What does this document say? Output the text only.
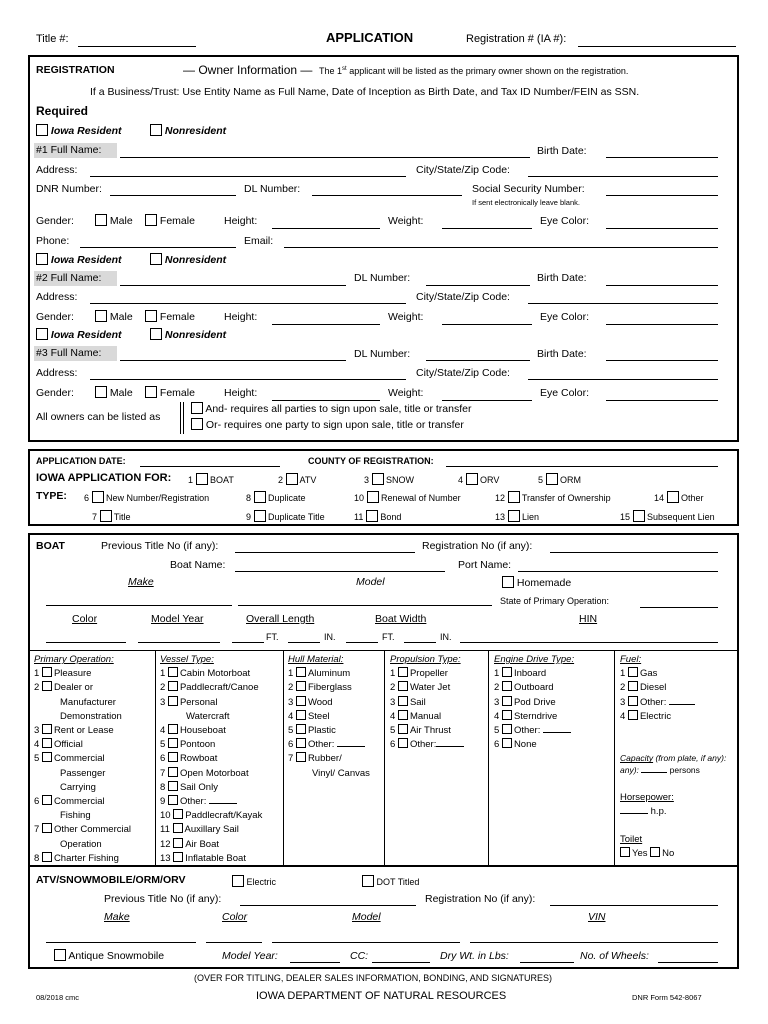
Title #:	APPLICATION	Registration # (IA #):
REGISTRATION	— Owner Information — The 1st applicant will be listed as the primary owner shown on the registration.
If a Business/Trust: Use Entity Name as Full Name, Date of Inception as Birth Date, and Tax ID Number/FEIN as SSN.
Required
Iowa Resident	Nonresident
#1 Full Name:	Birth Date:
Address:	City/State/Zip Code:
DNR Number:	DL Number:	Social Security Number:
If sent electronically leave blank.
Gender:	Male	Female	Height:	Weight:	Eye Color:
Phone:	Email:
Iowa Resident	Nonresident
#2 Full Name:	DL Number:	Birth Date:
Address:	City/State/Zip Code:
Gender:	Male	Female	Height:	Weight:	Eye Color:
Iowa Resident	Nonresident
#3 Full Name:	DL Number:	Birth Date:
Address:	City/State/Zip Code:
Gender:	Male	Female	Height:	Weight:	Eye Color:
All owners can be listed as
And- requires all parties to sign upon sale, title or transfer
Or- requires one party to sign upon sale, title or transfer
APPLICATION DATE:	COUNTY OF REGISTRATION:
IOWA APPLICATION FOR: 1 BOAT	2 ATV	3 SNOW	4 ORV	5 ORM
TYPE: 6 New Number/Registration	8 Duplicate	10 Renewal of Number	12 Transfer of Ownership	14 Other
7 Title	9 Duplicate Title	11 Bond	13 Lien	15 Subsequent Lien
BOAT	Previous Title No (if any):	Registration No (if any):
Boat Name:	Port Name:
Make	Model	Homemade
State of Primary Operation:
Color	Model Year	Overall Length	Boat Width	HIN
FT.	IN.	FT.	IN.
Primary Operation:
1 Pleasure
2 Dealer or
Manufacturer
Demonstration
3 Rent or Lease
4 Official
5 Commercial
Passenger
Carrying
6 Commercial
Fishing
7 Other Commercial
Operation
8 Charter Fishing
Vessel Type:
1 Cabin Motorboat
2 Paddlecraft/Canoe
3 Personal
Watercraft
4 Houseboat
5 Pontoon
6 Rowboat
7 Open Motorboat
8 Sail Only
9 Other:
10 Paddlecraft/Kayak
11 Auxillary Sail
12 Air Boat
13 Inflatable Boat
Hull Material:
1 Aluminum
2 Fiberglass
3 Wood
4 Steel
5 Plastic
6 Other:
7 Rubber/
Vinyl/ Canvas
Propulsion Type:
1 Propeller
2 Water Jet
3 Sail
4 Manual
5 Air Thrust
6 Other:
Engine Drive Type:
1 Inboard
2 Outboard
3 Pod Drive
4 Sterndrive
5 Other:
6 None
Fuel:
1 Gas
2 Diesel
3 Other:
4 Electric

Capacity (from plate, if any):
any):	persons

Horsepower:
h.p.

Toilet
Yes No
ATV/SNOWMOBILE/ORM/ORV	Electric	DOT Titled
Previous Title No (if any):	Registration No (if any):
Make	Color	Model	VIN
Antique Snowmobile	Model Year:	CC:	Dry Wt. in Lbs:	No. of Wheels:
(OVER FOR TITLING, DEALER SALES INFORMATION, BONDING, AND SIGNATURES)
08/2018 cmc	IOWA DEPARTMENT OF NATURAL RESOURCES	DNR Form 542-8067
